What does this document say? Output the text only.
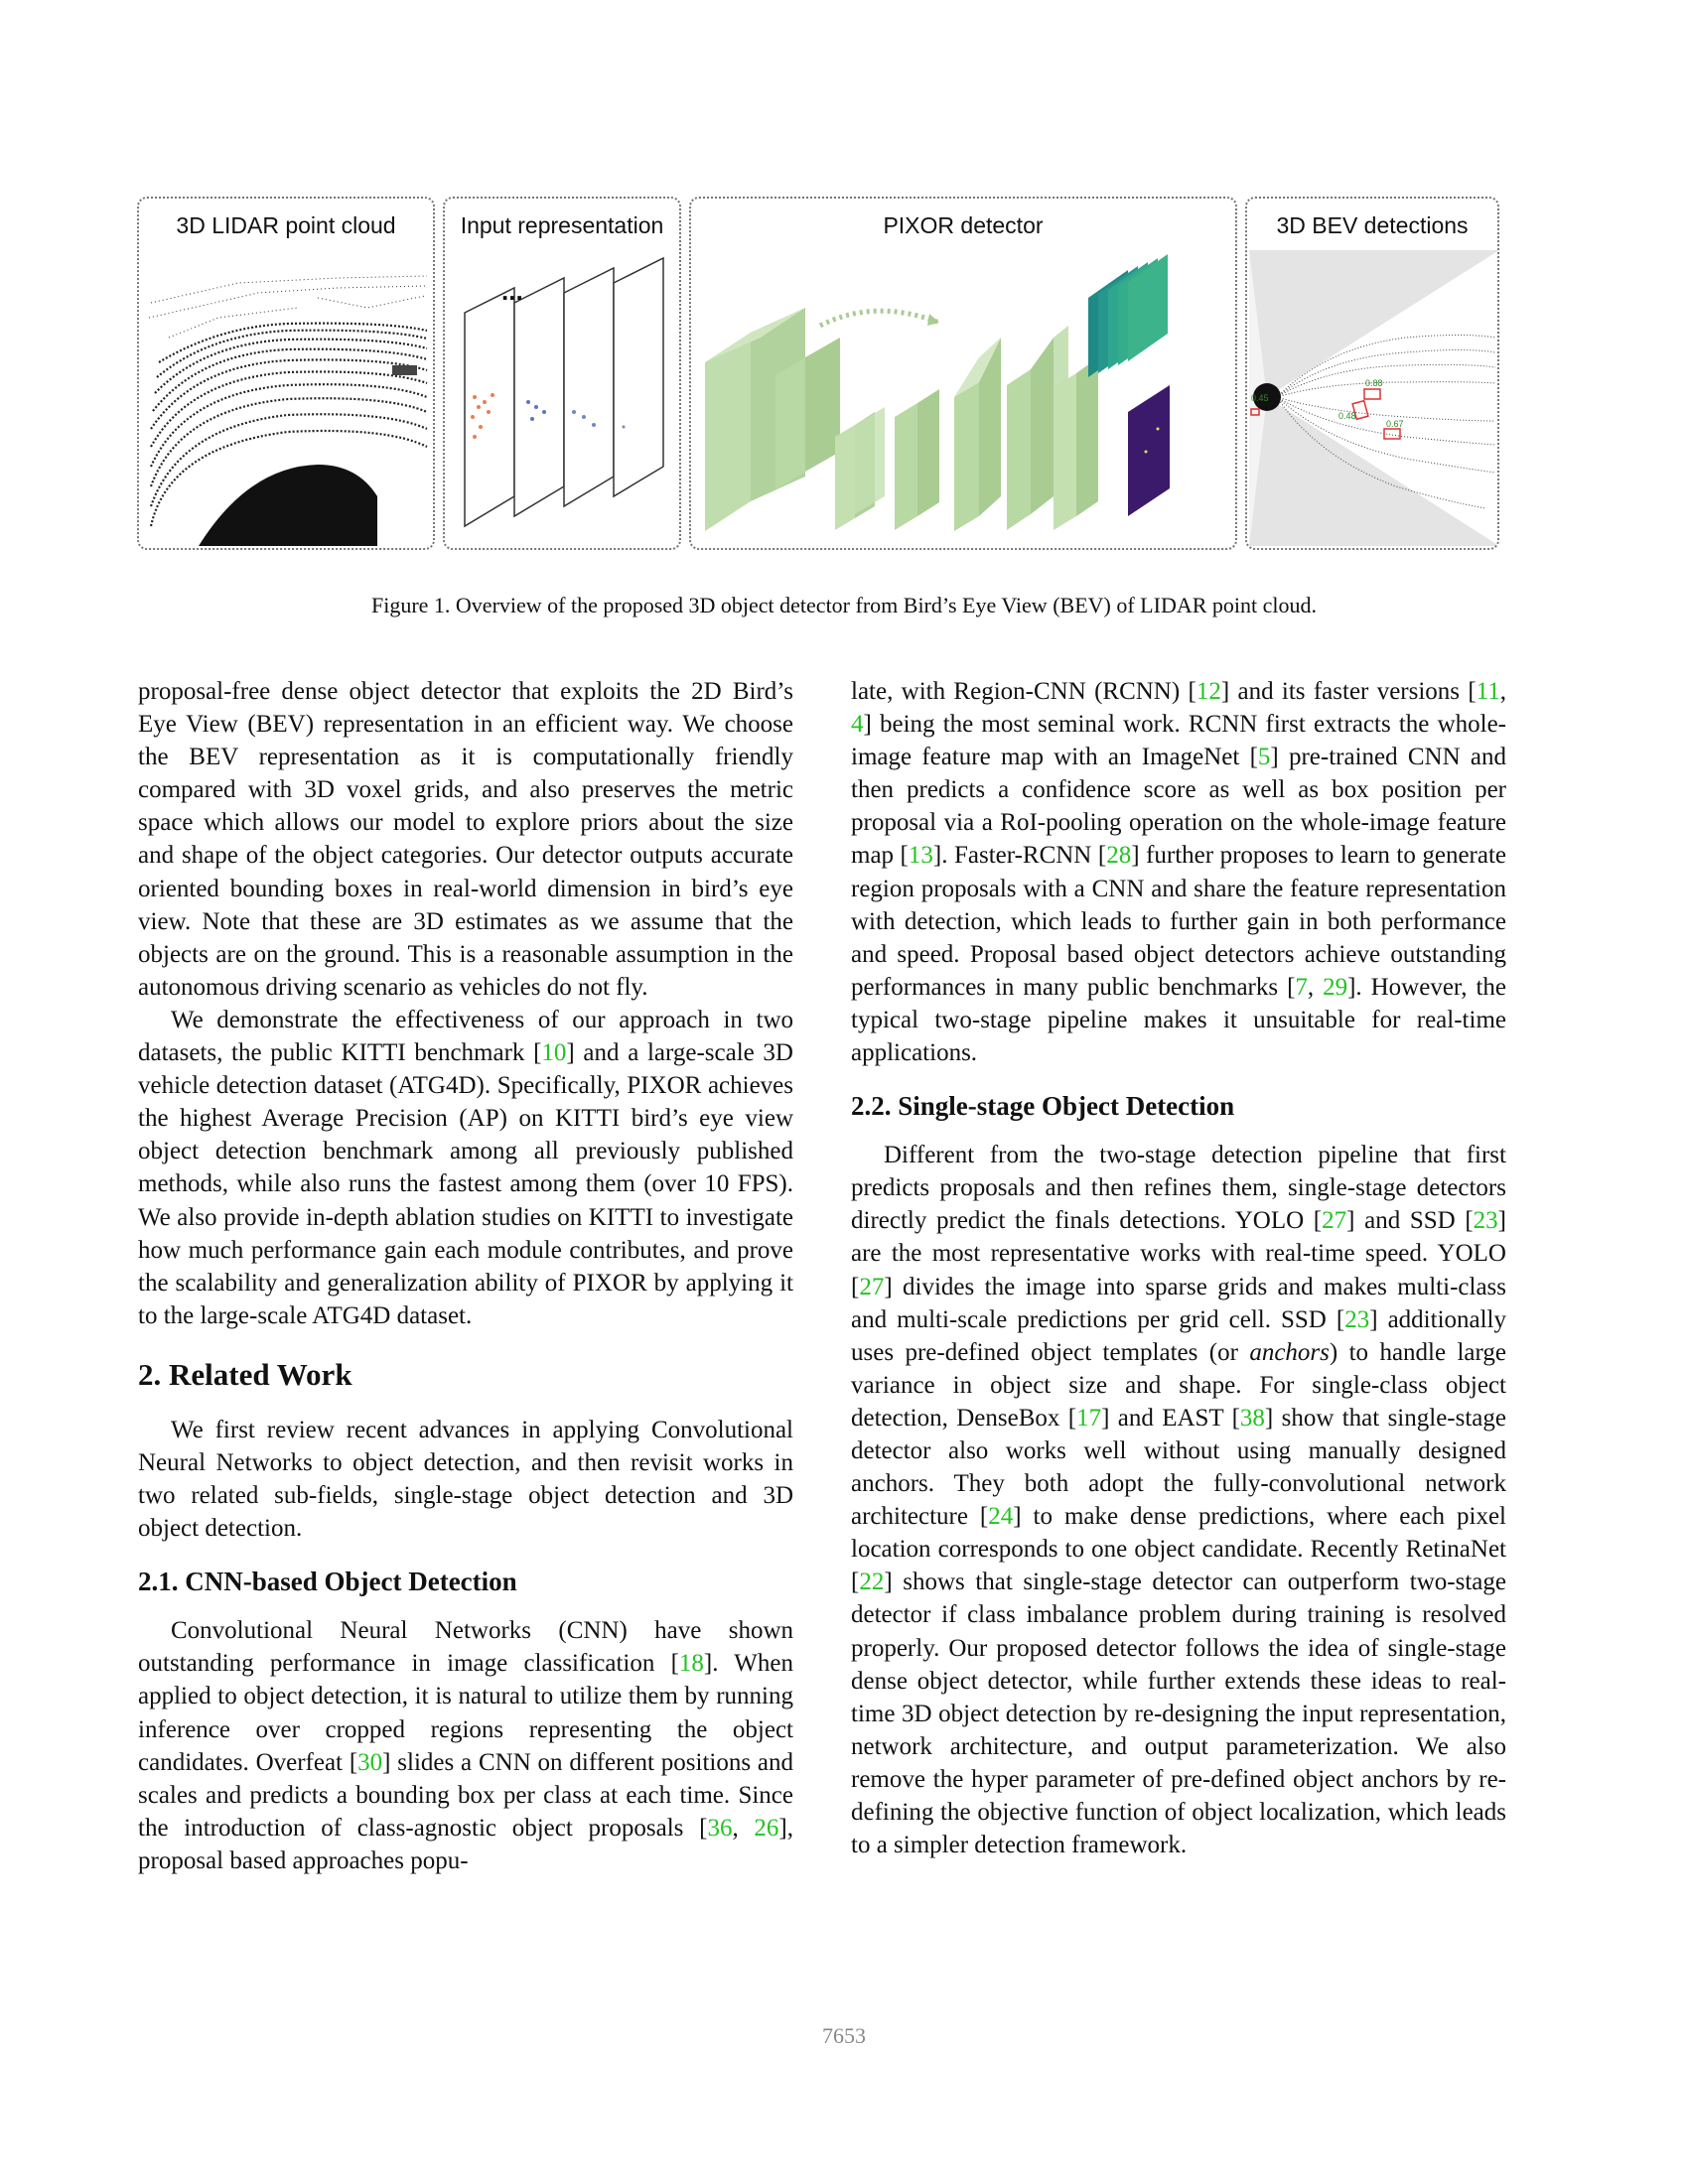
3D LIDAR point cloud	Input representation
...
PIXOR detector	3D BEV detections
0.45
0.88
0.48
0.67
Figure 1. Overview of the proposed 3D object detector from Bird’s Eye View (BEV) of LIDAR point cloud.

proposal-free dense object detector that exploits the 2D Bird’s Eye View (BEV) representation in an efficient way. We choose the BEV representation as it is computationally friendly compared with 3D voxel grids, and also preserves the metric space which allows our model to explore priors about the size and shape of the object categories. Our detector outputs accurate oriented bounding boxes in real-world dimension in bird’s eye view. Note that these are 3D estimates as we assume that the objects are on the ground. This is a reasonable assumption in the autonomous driving scenario as vehicles do not fly.

We demonstrate the effectiveness of our approach in two datasets, the public KITTI benchmark [10] and a large-scale 3D vehicle detection dataset (ATG4D). Specifically, PIXOR achieves the highest Average Precision (AP) on KITTI bird’s eye view object detection benchmark among all previously published methods, while also runs the fastest among them (over 10 FPS). We also provide in-depth ablation studies on KITTI to investigate how much performance gain each module contributes, and prove the scalability and generalization ability of PIXOR by applying it to the large-scale ATG4D dataset.

2. Related Work

We first review recent advances in applying Convolutional Neural Networks to object detection, and then revisit works in two related sub-fields, single-stage object detection and 3D object detection.

2.1. CNN-based Object Detection

Convolutional Neural Networks (CNN) have shown outstanding performance in image classification [18]. When applied to object detection, it is natural to utilize them by running inference over cropped regions representing the object candidates. Overfeat [30] slides a CNN on different positions and scales and predicts a bounding box per class at each time. Since the introduction of class-agnostic object proposals [36, 26], proposal based approaches popu-

late, with Region-CNN (RCNN) [12] and its faster versions [11, 4] being the most seminal work. RCNN first extracts the whole-image feature map with an ImageNet [5] pre-trained CNN and then predicts a confidence score as well as box position per proposal via a RoI-pooling operation on the whole-image feature map [13]. Faster-RCNN [28] further proposes to learn to generate region proposals with a CNN and share the feature representation with detection, which leads to further gain in both performance and speed. Proposal based object detectors achieve outstanding performances in many public benchmarks [7, 29]. However, the typical two-stage pipeline makes it unsuitable for real-time applications.

2.2. Single-stage Object Detection

Different from the two-stage detection pipeline that first predicts proposals and then refines them, single-stage detectors directly predict the finals detections. YOLO [27] and SSD [23] are the most representative works with real-time speed. YOLO [27] divides the image into sparse grids and makes multi-class and multi-scale predictions per grid cell. SSD [23] additionally uses pre-defined object templates (or anchors) to handle large variance in object size and shape. For single-class object detection, DenseBox [17] and EAST [38] show that single-stage detector also works well without using manually designed anchors. They both adopt the fully-convolutional network architecture [24] to make dense predictions, where each pixel location corresponds to one object candidate. Recently RetinaNet [22] shows that single-stage detector can outperform two-stage detector if class imbalance problem during training is resolved properly. Our proposed detector follows the idea of single-stage dense object detector, while further extends these ideas to real-time 3D object detection by re-designing the input representation, network architecture, and output parameterization. We also remove the hyper parameter of pre-defined object anchors by re-defining the objective function of object localization, which leads to a simpler detection framework.

7653
